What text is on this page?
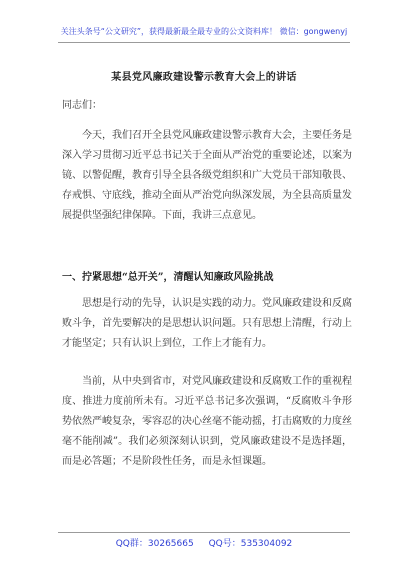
关注头条号“公文研究”，获得最新最全最专业的公文资料库！ 微信：gongwenyj
某县党风廉政建设警示教育大会上的讲话
同志们：

今天，我们召开全县党风廉政建设警示教育大会，主要任务是深入学习贯彻习近平总书记关于全面从严治党的重要论述，以案为镜、以警促醒，教育引导全县各级党组织和广大党员干部知敬畏、存戒惧、守底线，推动全面从严治党向纵深发展，为全县高质量发展提供坚强纪律保障。下面，我讲三点意见。

一、拧紧思想“总开关”，清醒认知廉政风险挑战

思想是行动的先导，认识是实践的动力。党风廉政建设和反腐败斗争，首先要解决的是思想认识问题。只有思想上清醒，行动上才能坚定；只有认识上到位，工作上才能有力。

当前，从中央到省市，对党风廉政建设和反腐败工作的重视程度、推进力度前所未有。习近平总书记多次强调，“反腐败斗争形势依然严峻复杂，零容忍的决心丝毫不能动摇，打击腐败的力度丝毫不能削减”。我们必须深刻认识到，党风廉政建设不是选择题，而是必答题；不是阶段性任务，而是永恒课题。

QQ群：30265665 QQ号：535304092
